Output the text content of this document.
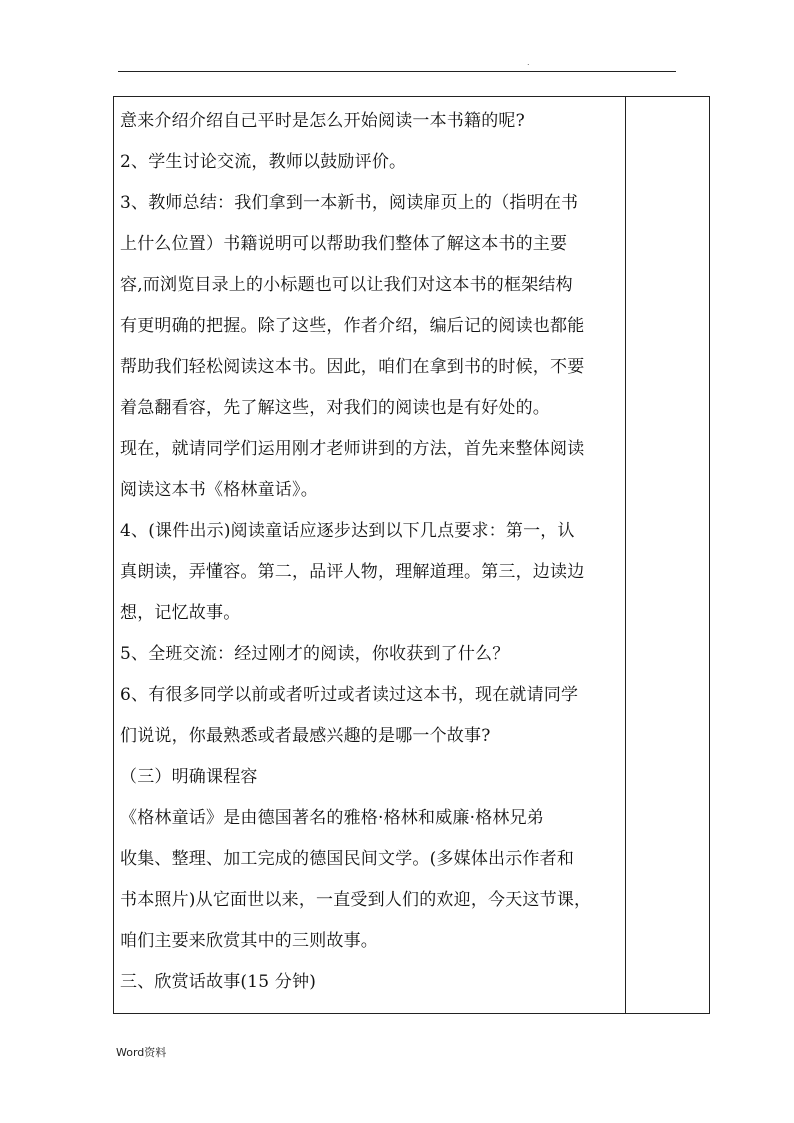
.
意来介绍介绍自己平时是怎么开始阅读一本书籍的呢?
2、学生讨论交流，教师以鼓励评价。
3、教师总结：我们拿到一本新书，阅读扉页上的（指明在书
上什么位置）书籍说明可以帮助我们整体了解这本书的主要
容,而浏览目录上的小标题也可以让我们对这本书的框架结构
有更明确的把握。除了这些，作者介绍，编后记的阅读也都能
帮助我们轻松阅读这本书。因此，咱们在拿到书的时候，不要
着急翻看容，先了解这些，对我们的阅读也是有好处的。
现在，就请同学们运用刚才老师讲到的方法，首先来整体阅读
阅读这本书《格林童话》。
4、(课件出示)阅读童话应逐步达到以下几点要求：第一，认
真朗读，弄懂容。第二，品评人物，理解道理。第三，边读边
想，记忆故事。
5、全班交流：经过刚才的阅读，你收获到了什么？
6、有很多同学以前或者听过或者读过这本书，现在就请同学
们说说，你最熟悉或者最感兴趣的是哪一个故事?
（三）明确课程容
《格林童话》是由德国著名的雅格·格林和威廉·格林兄弟
收集、整理、加工完成的德国民间文学。(多媒体出示作者和
书本照片)从它面世以来，一直受到人们的欢迎，今天这节课，
咱们主要来欣赏其中的三则故事。
三、欣赏话故事(15 分钟)
Word资料
